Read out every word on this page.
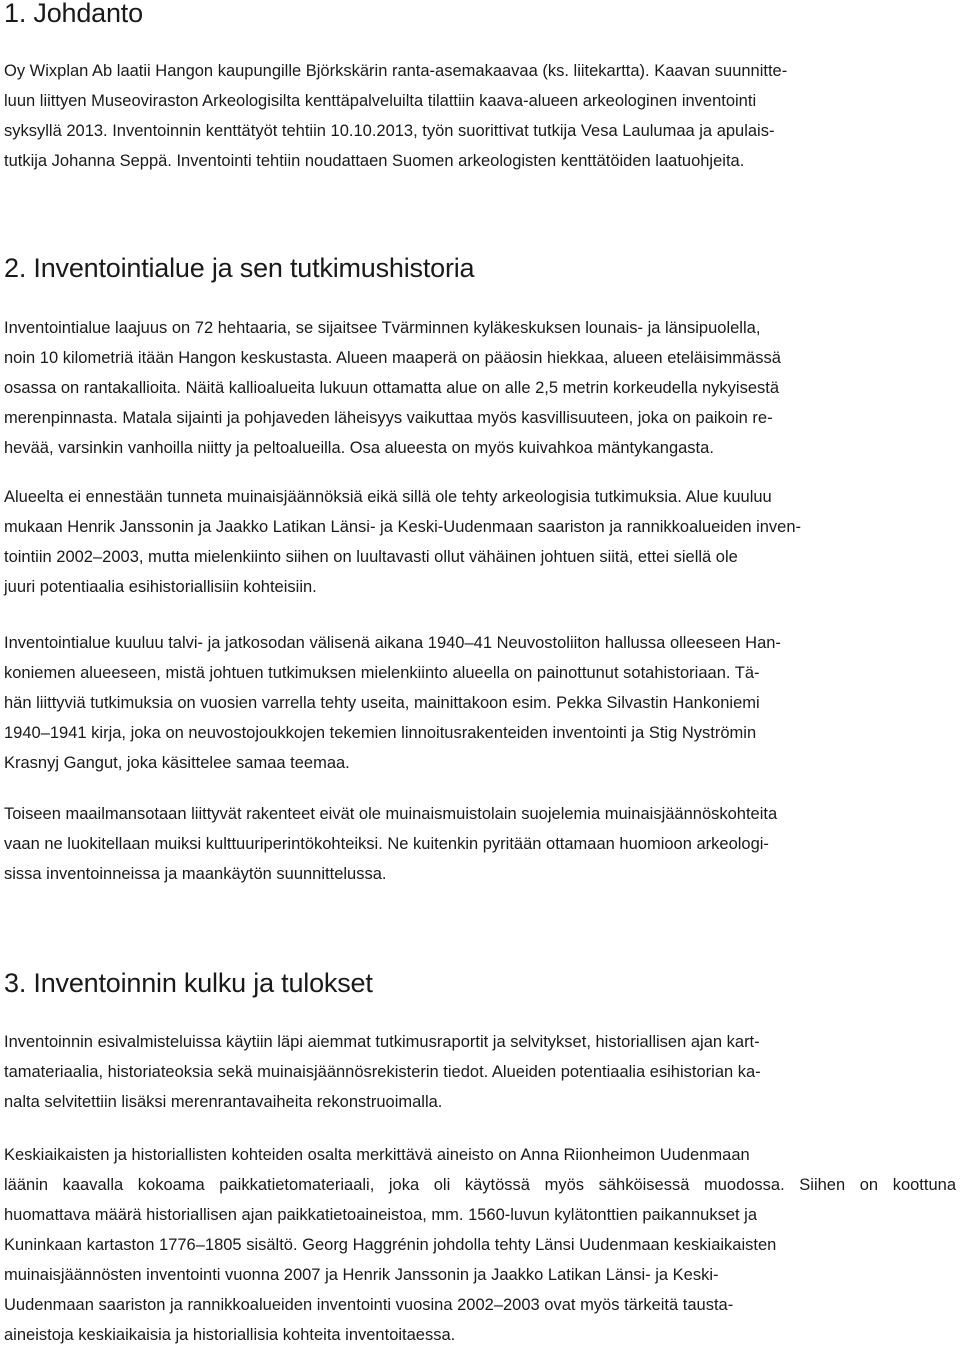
1. Johdanto

Oy Wixplan Ab laatii Hangon kaupungille Björkskärin ranta-asemakaavaa (ks. liitekartta). Kaavan suunnitte-
luun liittyen Museoviraston Arkeologisilta kenttäpalveluilta tilattiin kaava-alueen arkeologinen inventointi
syksyllä 2013. Inventoinnin kenttätyöt tehtiin 10.10.2013, työn suorittivat tutkija Vesa Laulumaa ja apulais-
tutkija Johanna Seppä. Inventointi tehtiin noudattaen Suomen arkeologisten kenttätöiden laatuohjeita.

2. Inventointialue ja sen tutkimushistoria

Inventointialue laajuus on 72 hehtaaria, se sijaitsee Tvärminnen kyläkeskuksen lounais- ja länsipuolella,
noin 10 kilometriä itään Hangon keskustasta. Alueen maaperä on pääosin hiekkaa, alueen eteläisimmässä
osassa on rantakallioita. Näitä kallioalueita lukuun ottamatta alue on alle 2,5 metrin korkeudella nykyisestä
merenpinnasta. Matala sijainti ja pohjaveden läheisyys vaikuttaa myös kasvillisuuteen, joka on paikoin re-
hevää, varsinkin vanhoilla niitty ja peltoalueilla. Osa alueesta on myös kuivahkoa mäntykangasta.

Alueelta ei ennestään tunneta muinaisjäännöksiä eikä sillä ole tehty arkeologisia tutkimuksia. Alue kuuluu
mukaan Henrik Janssonin ja Jaakko Latikan Länsi- ja Keski-Uudenmaan saariston ja rannikkoalueiden inven-
tointiin 2002–2003, mutta mielenkiinto siihen on luultavasti ollut vähäinen johtuen siitä, ettei siellä ole
juuri potentiaalia esihistoriallisiin kohteisiin.

Inventointialue kuuluu talvi- ja jatkosodan välisenä aikana 1940–41 Neuvostoliiton hallussa olleeseen Han-
koniemen alueeseen, mistä johtuen tutkimuksen mielenkiinto alueella on painottunut sotahistoriaan. Tä-
hän liittyviä tutkimuksia on vuosien varrella tehty useita, mainittakoon esim. Pekka Silvastin Hankoniemi
1940–1941 kirja, joka on neuvostojoukkojen tekemien linnoitusrakenteiden inventointi ja Stig Nyströmin
Krasnyj Gangut, joka käsittelee samaa teemaa.

Toiseen maailmansotaan liittyvät rakenteet eivät ole muinaismuistolain suojelemia muinaisjäännöskohteita
vaan ne luokitellaan muiksi kulttuuriperintökohteiksi. Ne kuitenkin pyritään ottamaan huomioon arkeologi-
sissa inventoinneissa ja maankäytön suunnittelussa.

3. Inventoinnin kulku ja tulokset

Inventoinnin esivalmisteluissa käytiin läpi aiemmat tutkimusraportit ja selvitykset, historiallisen ajan kart-
tamateriaalia, historiateoksia sekä muinaisjäännösrekisterin tiedot. Alueiden potentiaalia esihistorian ka-
nalta selvitettiin lisäksi merenrantavaiheita rekonstruoimalla.

Keskiaikaisten ja historiallisten kohteiden osalta merkittävä aineisto on Anna Riionheimon Uudenmaan
läänin kaavalla kokoama paikkatietomateriaali, joka oli käytössä myös sähköisessä muodossa. Siihen on koottuna
huomattava määrä historiallisen ajan paikkatietoaineistoa, mm. 1560-luvun kylätonttien paikannukset ja
Kuninkaan kartaston 1776–1805 sisältö. Georg Haggrénin johdolla tehty Länsi Uudenmaan keskiaikaisten
muinaisjäännösten inventointi vuonna 2007 ja Henrik Janssonin ja Jaakko Latikan Länsi- ja Keski-
Uudenmaan saariston ja rannikkoalueiden inventointi vuosina 2002–2003 ovat myös tärkeitä tausta-
aineistoja keskiaikaisia ja historiallisia kohteita inventoitaessa.
